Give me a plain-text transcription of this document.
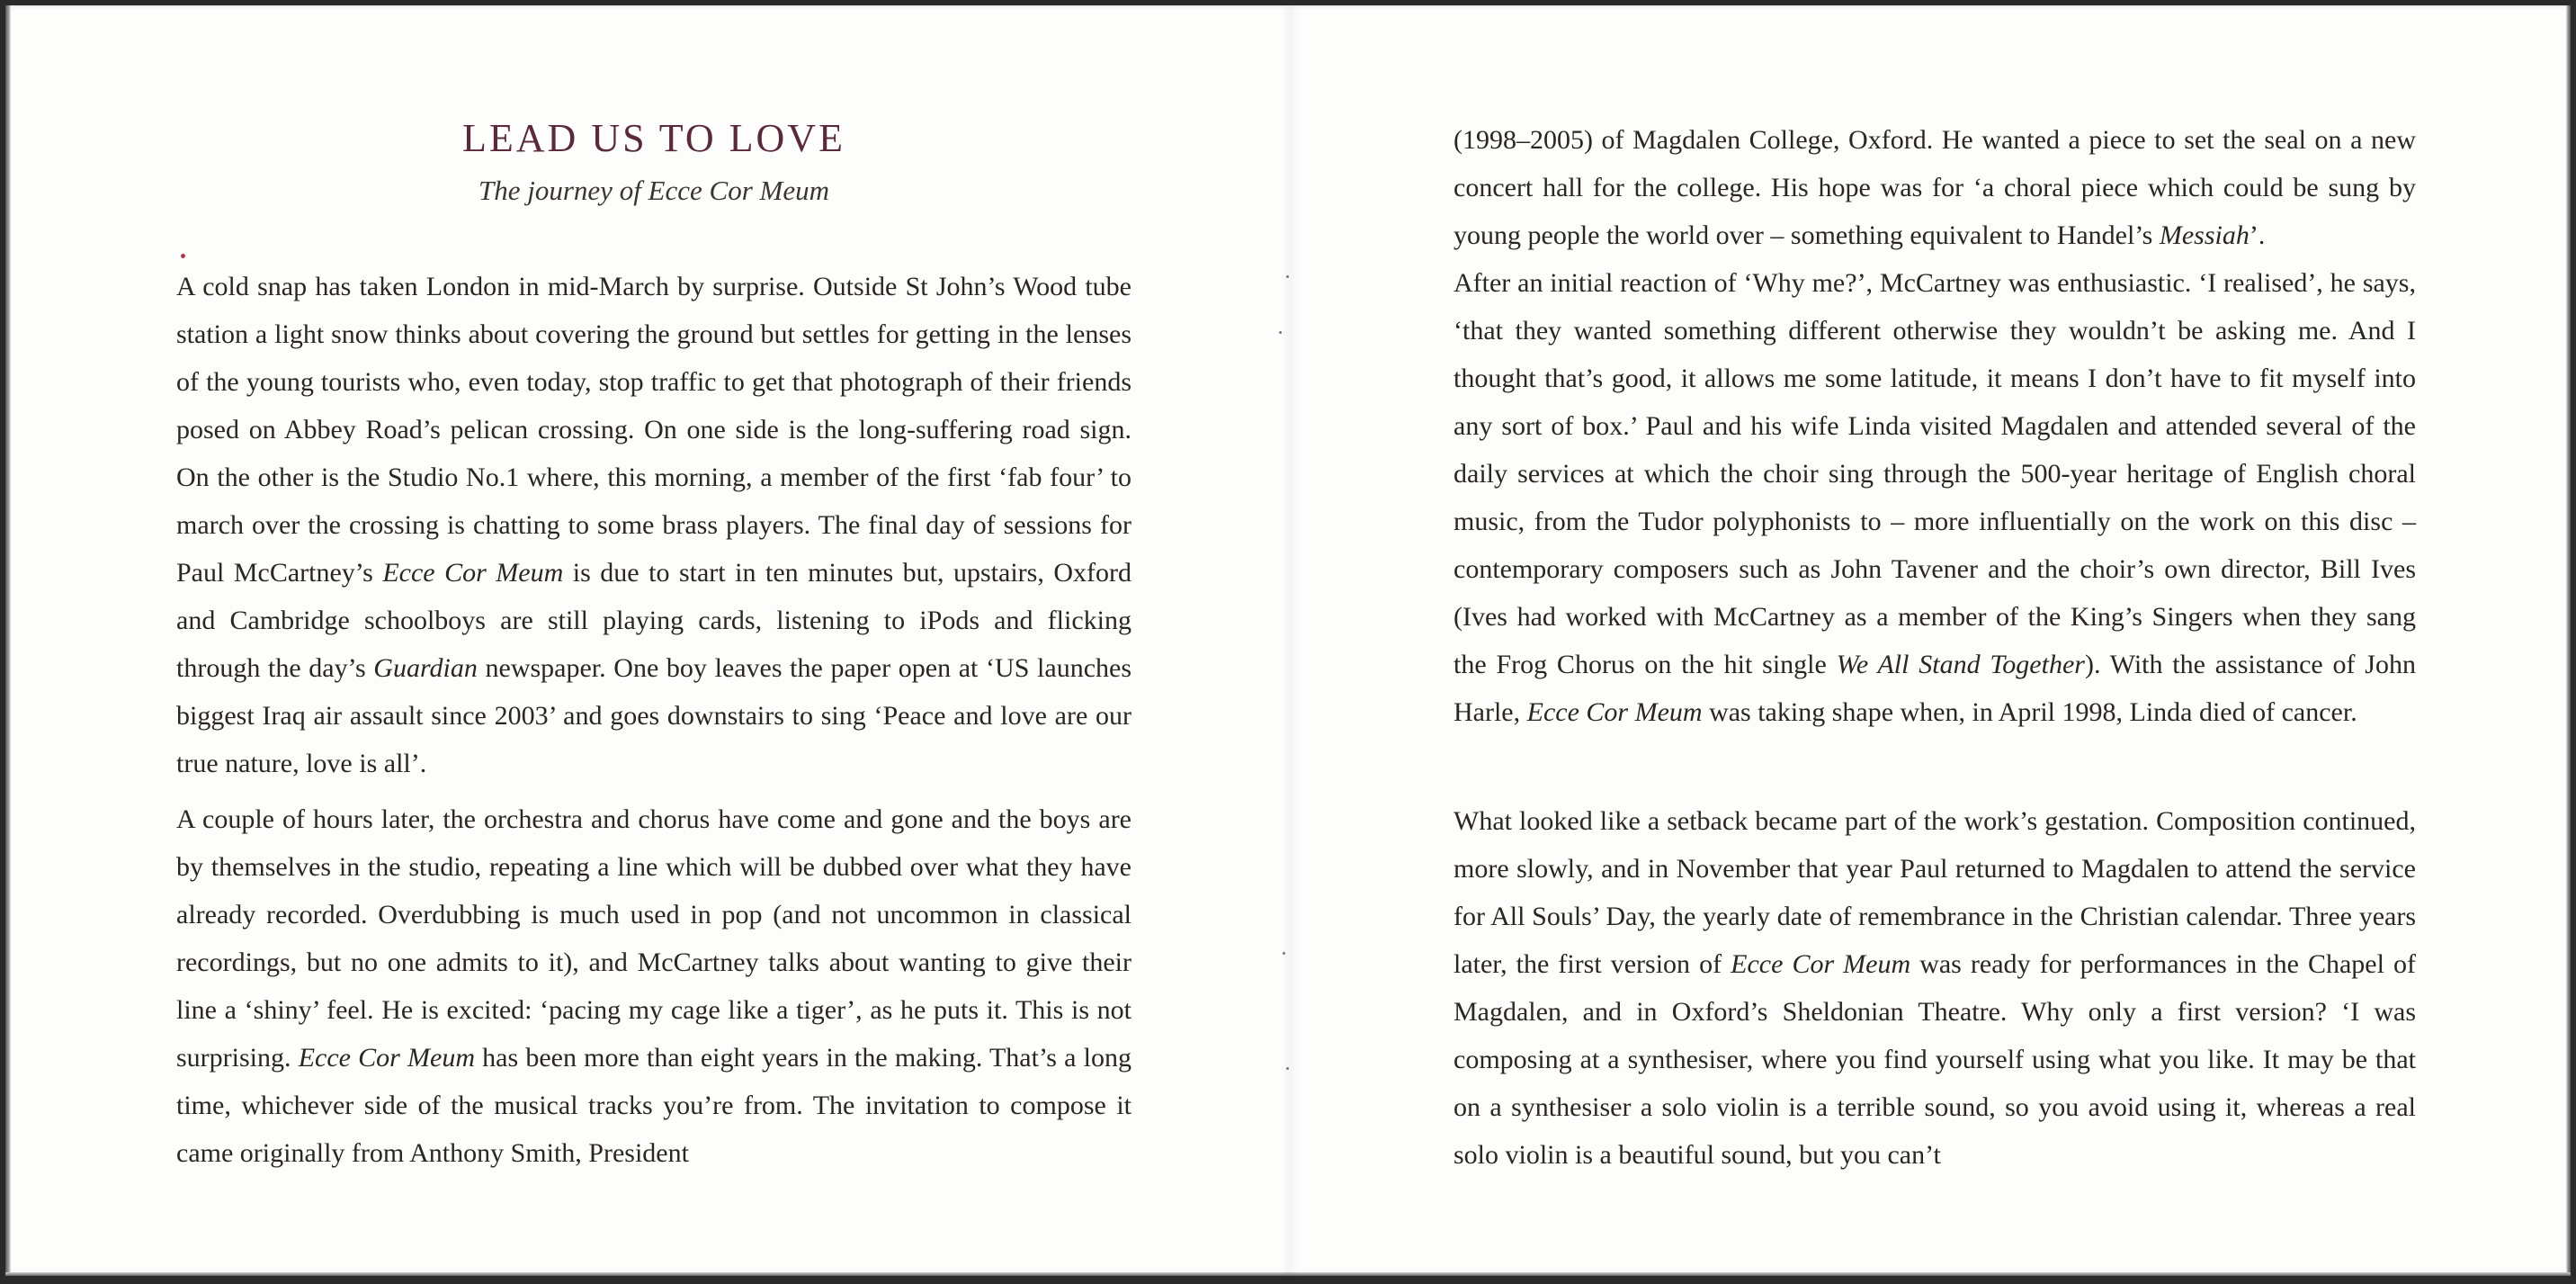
LEAD US TO LOVE
The journey of Ecce Cor Meum

A cold snap has taken London in mid-March by surprise. Outside St John’s Wood tube station a light snow thinks about covering the ground but settles for getting in the lenses of the young tourists who, even today, stop traffic to get that photograph of their friends posed on Abbey Road’s pelican crossing. On one side is the long-suffering road sign. On the other is the Studio No.1 where, this morning, a member of the first ‘fab four’ to march over the crossing is chatting to some brass players. The final day of sessions for Paul McCartney’s Ecce Cor Meum is due to start in ten minutes but, upstairs, Oxford and Cambridge schoolboys are still playing cards, listening to iPods and flicking through the day’s Guardian newspaper. One boy leaves the paper open at ‘US launches biggest Iraq air assault since 2003’ and goes downstairs to sing ‘Peace and love are our true nature, love is all’.

A couple of hours later, the orchestra and chorus have come and gone and the boys are by themselves in the studio, repeating a line which will be dubbed over what they have already recorded. Overdubbing is much used in pop (and not uncommon in classical recordings, but no one admits to it), and McCartney talks about wanting to give their line a ‘shiny’ feel. He is excited: ‘pacing my cage like a tiger’, as he puts it. This is not surprising. Ecce Cor Meum has been more than eight years in the making. That’s a long time, whichever side of the musical tracks you’re from. The invitation to compose it came originally from Anthony Smith, President

(1998–2005) of Magdalen College, Oxford. He wanted a piece to set the seal on a new concert hall for the college. His hope was for ‘a choral piece which could be sung by young people the world over – something equivalent to Handel’s Messiah’.

After an initial reaction of ‘Why me?’, McCartney was enthusiastic. ‘I realised’, he says, ‘that they wanted something different otherwise they wouldn’t be asking me. And I thought that’s good, it allows me some latitude, it means I don’t have to fit myself into any sort of box.’ Paul and his wife Linda visited Magdalen and attended several of the daily services at which the choir sing through the 500-year heritage of English choral music, from the Tudor polyphonists to – more influentially on the work on this disc – contemporary composers such as John Tavener and the choir’s own director, Bill Ives (Ives had worked with McCartney as a member of the King’s Singers when they sang the Frog Chorus on the hit single We All Stand Together). With the assistance of John Harle, Ecce Cor Meum was taking shape when, in April 1998, Linda died of cancer.

What looked like a setback became part of the work’s gestation. Composition continued, more slowly, and in November that year Paul returned to Magdalen to attend the service for All Souls’ Day, the yearly date of remembrance in the Christian calendar. Three years later, the first version of Ecce Cor Meum was ready for performances in the Chapel of Magdalen, and in Oxford’s Sheldonian Theatre. Why only a first version? ‘I was composing at a synthesiser, where you find yourself using what you like. It may be that on a synthesiser a solo violin is a terrible sound, so you avoid using it, whereas a real solo violin is a beautiful sound, but you can’t
